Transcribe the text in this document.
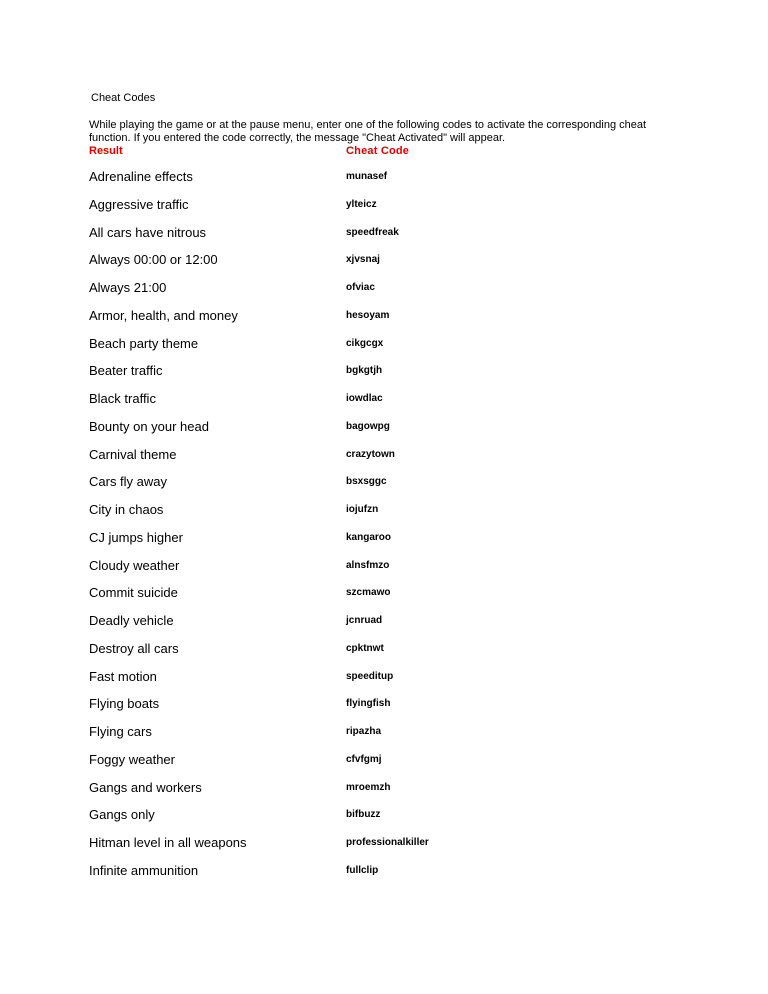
Cheat Codes
While playing the game or at the pause menu, enter one of the following codes to activate the corresponding cheat
function. If you entered the code correctly, the message "Cheat Activated" will appear.
Result	Cheat Code
Adrenaline effects	munasef
Aggressive traffic	ylteicz
All cars have nitrous	speedfreak
Always 00:00 or 12:00	xjvsnaj
Always 21:00	ofviac
Armor, health, and money	hesoyam
Beach party theme	cikgcgx
Beater traffic	bgkgtjh
Black traffic	iowdlac
Bounty on your head	bagowpg
Carnival theme	crazytown
Cars fly away	bsxsggc
City in chaos	iojufzn
CJ jumps higher	kangaroo
Cloudy weather	alnsfmzo
Commit suicide	szcmawo
Deadly vehicle	jcnruad
Destroy all cars	cpktnwt
Fast motion	speeditup
Flying boats	flyingfish
Flying cars	ripazha
Foggy weather	cfvfgmj
Gangs and workers	mroemzh
Gangs only	bifbuzz
Hitman level in all weapons	professionalkiller
Infinite ammunition	fullclip
